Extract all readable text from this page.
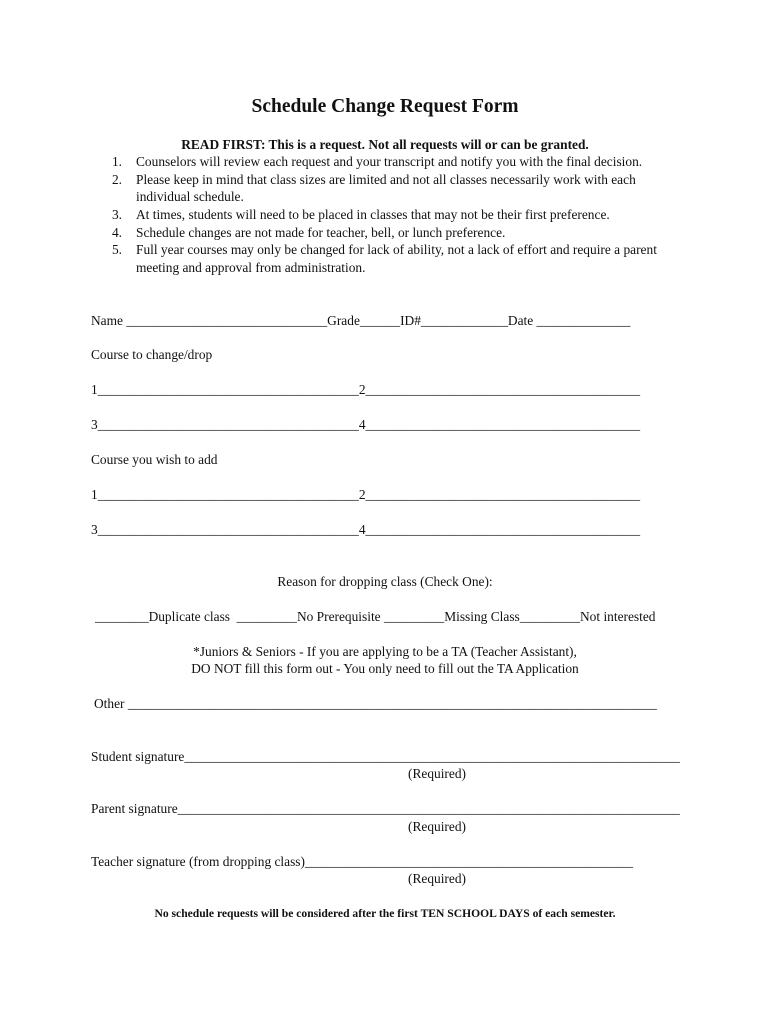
Schedule Change Request Form
READ FIRST: This is a request. Not all requests will or can be granted.
1. Counselors will review each request and your transcript and notify you with the final decision.
2. Please keep in mind that class sizes are limited and not all classes necessarily work with each
individual schedule.
3. At times, students will need to be placed in classes that may not be their first preference.
4. Schedule changes are not made for teacher, bell, or lunch preference.
5. Full year courses may only be changed for lack of ability, not a lack of effort and require a parent
meeting and approval from administration.
Name ______________________________Grade______ID#_____________Date ______________
Course to change/drop
1_______________________________________2_________________________________________
3_______________________________________4_________________________________________
Course you wish to add
1_______________________________________2_________________________________________
3_______________________________________4_________________________________________
Reason for dropping class (Check One):
________Duplicate class  _________No Prerequisite _________Missing Class_________Not interested
*Juniors & Seniors - If you are applying to be a TA (Teacher Assistant),
DO NOT fill this form out - You only need to fill out the TA Application
Other _______________________________________________________________________________
Student signature__________________________________________________________________________
(Required)
Parent signature___________________________________________________________________________
(Required)
Teacher signature (from dropping class)_________________________________________________
(Required)
No schedule requests will be considered after the first TEN SCHOOL DAYS of each semester.
